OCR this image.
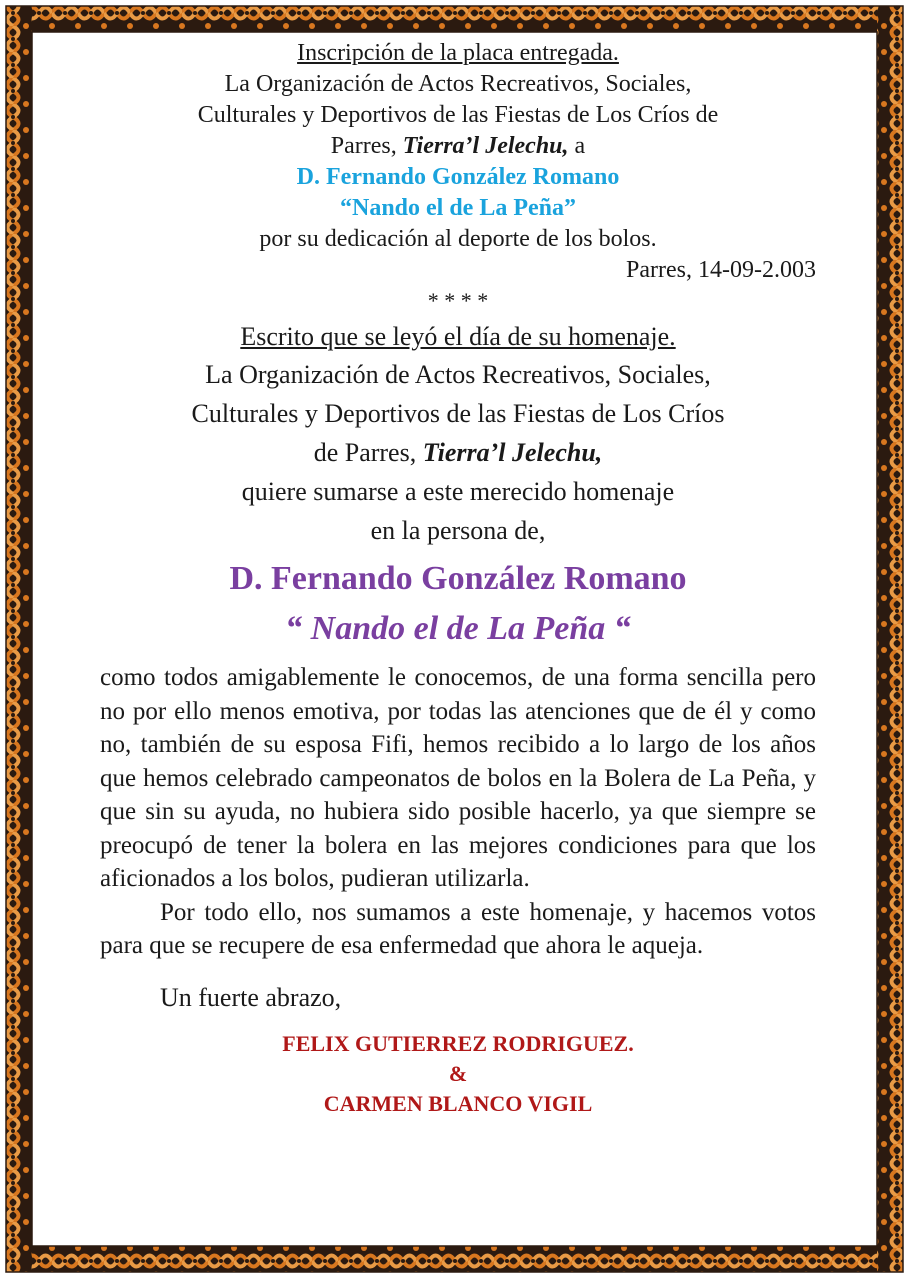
Inscripción de la placa entregada.
La Organización de Actos Recreativos, Sociales,
Culturales y Deportivos de las Fiestas de Los Críos de
Parres, Tierra’l Jelechu, a
D. Fernando González Romano
“Nando el de La Peña”
por su dedicación al deporte de los bolos.
Parres, 14-09-2.003
* * * *
Escrito que se leyó el día de su homenaje.
La Organización de Actos Recreativos, Sociales,
Culturales y Deportivos de las Fiestas de Los Críos
de Parres, Tierra’l Jelechu,
quiere sumarse a este merecido homenaje
en la persona de,
D. Fernando González Romano
“ Nando el de La Peña “

como todos amigablemente le conocemos, de una forma sencilla pero no por ello menos emotiva, por todas las atenciones que de él y como no, también de su esposa Fifi, hemos recibido a lo largo de los años que hemos celebrado campeonatos de bolos en la Bolera de La Peña, y que sin su ayuda, no hubiera sido posible hacerlo, ya que siempre se preocupó de tener la bolera en las mejores condiciones para que los aficionados a los bolos, pudieran utilizarla.

Por todo ello, nos sumamos a este homenaje, y hacemos votos para que se recupere de esa enfermedad que ahora le aqueja.

Un fuerte abrazo,
FELIX GUTIERREZ RODRIGUEZ.
&
CARMEN BLANCO VIGIL
